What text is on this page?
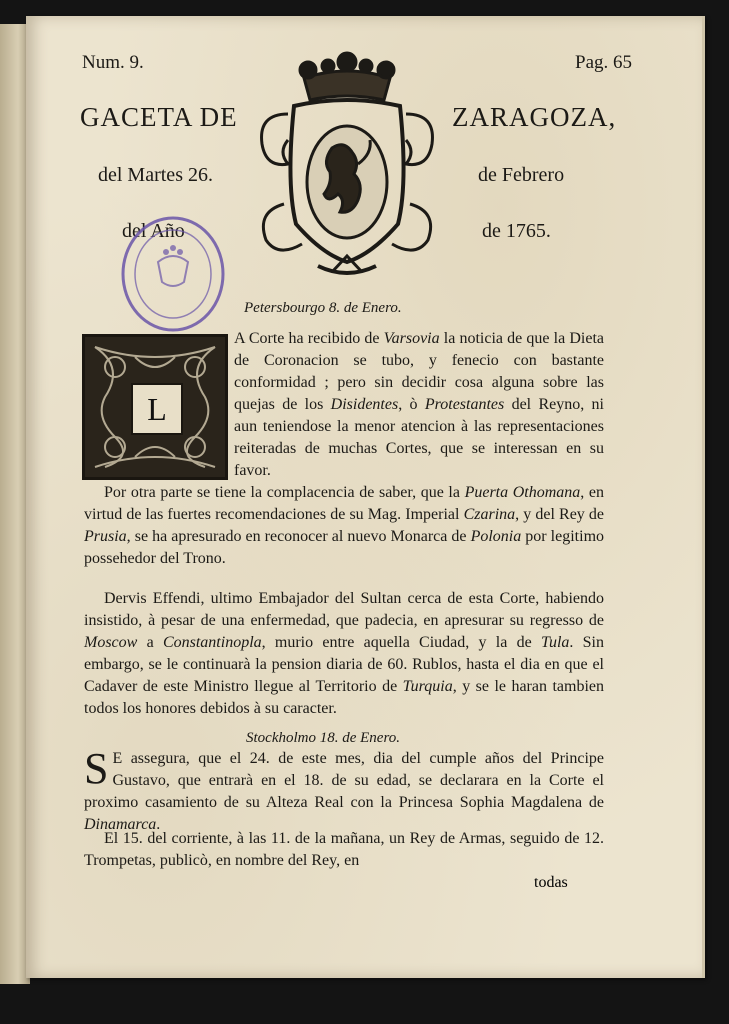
Num. 9.	Pag. 65
GACETA DE	ZARAGOZA,
del Martes 26.	de Febrero
del Año	de 1765.
Petersbourgo 8. de Enero.
L
A Corte ha recibido de Varsovia la noticia de que la Dieta de Coronacion se tubo, y fenecio con bastante conformidad ; pero sin decidir cosa alguna sobre las quejas de los Disidentes, ò Protestantes del Reyno, ni aun teniendose la menor atencion à las representaciones reiteradas de muchas Cortes, que se interessan en su favor.
Por otra parte se tiene la complacencia de saber, que la Puerta Othomana, en virtud de las fuertes recomendaciones de su Mag. Imperial Czarina, y del Rey de Prusia, se ha apresurado en reconocer al nuevo Monarca de Polonia por legitimo possehedor del Trono.
Dervis Effendi, ultimo Embajador del Sultan cerca de esta Corte, habiendo insistido, à pesar de una enfermedad, que padecia, en apresurar su regresso de Moscow a Constantinopla, murio entre aquella Ciudad, y la de Tula. Sin embargo, se le continuarà la pension diaria de 60. Rublos, hasta el dia en que el Cadaver de este Ministro llegue al Territorio de Turquia, y se le haran tambien todos los honores debidos à su caracter.
Stockholmo 18. de Enero.
S E assegura, que el 24. de este mes, dia del cumple años del Principe Gustavo, que entrarà en el 18. de su edad, se declarara en la Corte el proximo casamiento de su Alteza Real con la Princesa Sophia Magdalena de Dinamarca.
El 15. del corriente, à las 11. de la mañana, un Rey de Armas, seguido de 12. Trompetas, publicò, en nombre del Rey, en
todas
